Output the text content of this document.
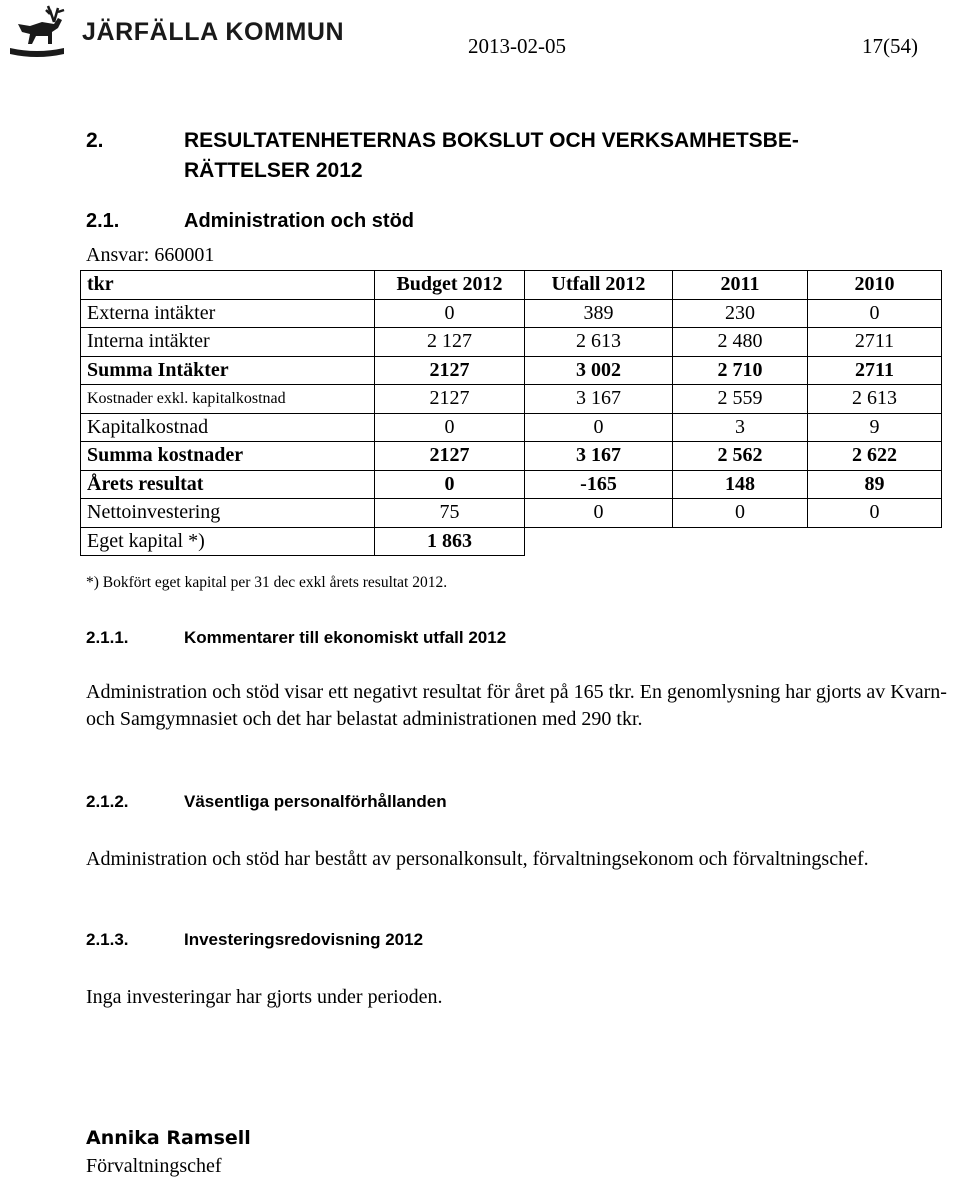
JÄRFÄLLA KOMMUN	2013-02-05	17(54)
2.	RESULTATENHETERNAS BOKSLUT OCH VERKSAMHETSBE-
RÄTTELSER 2012
2.1.	Administration och stöd
Ansvar: 660001
tkr	Budget 2012	Utfall 2012	2011	2010
Externa intäkter	0	389	230	0
Interna intäkter	2 127	2 613	2 480	2711
Summa Intäkter	2127	3 002	2 710	2711
Kostnader exkl. kapitalkostnad	2127	3 167	2 559	2 613
Kapitalkostnad	0	0	3	9
Summa kostnader	2127	3 167	2 562	2 622
Årets resultat	0	-165	148	89
Nettoinvestering	75	0	0	0
Eget kapital *)	1 863			
*) Bokfört eget kapital per 31 dec exkl årets resultat 2012.
2.1.1.	Kommentarer till ekonomiskt utfall 2012
Administration och stöd visar ett negativt resultat för året på 165 tkr. En genomlysning har gjorts av Kvarn- och Samgymnasiet och det har belastat administrationen med 290 tkr.
2.1.2.	Väsentliga personalförhållanden
Administration och stöd har bestått av personalkonsult, förvaltningsekonom och förvaltningschef.
2.1.3.	Investeringsredovisning 2012
Inga investeringar har gjorts under perioden.
Annika Ramsell
Förvaltningschef
